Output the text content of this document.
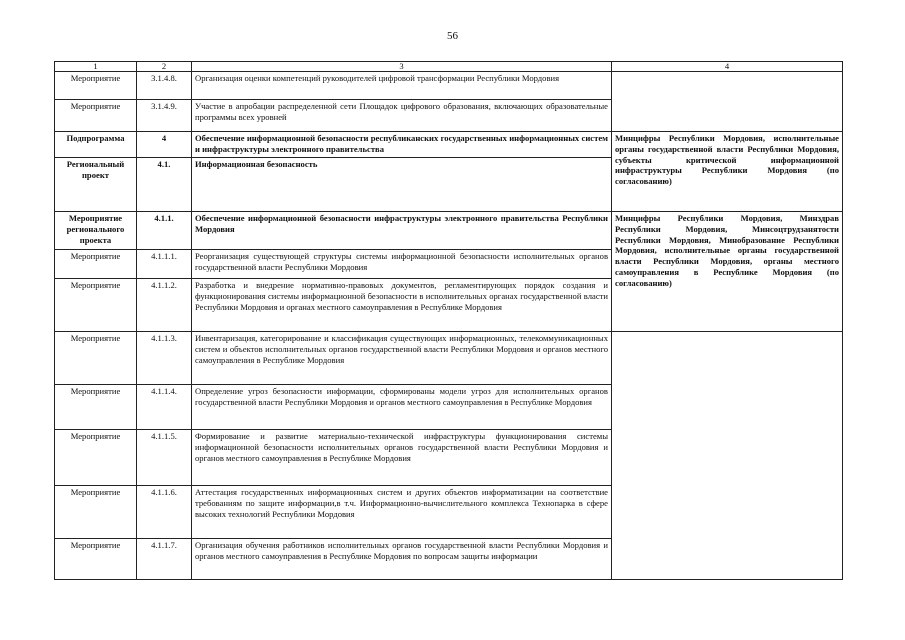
56
1	2	3	4
Мероприятие	3.1.4.8.	Организация оценки компетенций руководителей цифровой трансформации Республики Мордовия	
Мероприятие	3.1.4.9.	Участие в апробации распределенной сети Площадок цифрового образования, включающих образовательные программы всех уровней	
Подпрограмма	4	Обеспечение информационной безопасности республиканских государственных информационных систем и инфраструктуры электронного правительства	Минцифры Республики Мордовия, исполнительные органы государственной власти Республики Мордовия, субъекты критической информационной инфраструктуры Республики Мордовия (по согласованию)
Региональный проект	4.1.	Информационная безопасность	
Мероприятие регионального проекта	4.1.1.	Обеспечение информационной безопасности инфраструктуры электронного правительства Республики Мордовия	Минцифры Республики Мордовия, Минздрав Республики Мордовия, Минсоцтрудзанятости Республики Мордовия, Минобразование Республики Мордовия, исполнительные органы государственной власти Республики Мордовия, органы местного самоуправления в Республике Мордовия (по согласованию)
Мероприятие	4.1.1.1.	Реорганизация существующей структуры системы информационной безопасности исполнительных органов государственной власти Республики Мордовия	
Мероприятие	4.1.1.2.	Разработка и внедрение нормативно-правовых документов, регламентирующих порядок создания и функционирования системы информационной безопасности в исполнительных органах государственной власти Республики Мордовия и органах местного самоуправления в Республике Мордовия	
Мероприятие	4.1.1.3.	Инвентаризация, категорирование и классификация существующих информационных, телекоммуникационных систем и объектов исполнительных органов государственной власти Республики Мордовия и органов местного самоуправления в Республике Мордовия	
Мероприятие	4.1.1.4.	Определение угроз безопасности информации, сформированы модели угроз для исполнительных органов государственной власти Республики Мордовия и органов местного самоуправления в Республике Мордовия	
Мероприятие	4.1.1.5.	Формирование и развитие материально-технической инфраструктуры функционирования системы информационной безопасности исполнительных органов государственной власти Республики Мордовия и органов местного самоуправления в Республике Мордовия	
Мероприятие	4.1.1.6.	Аттестация государственных информационных систем и других объектов информатизации на соответствие требованиям по защите информации,в т.ч. Информационно-вычислительного комплекса Технопарка в сфере высоких технологий Республики Мордовия	
Мероприятие	4.1.1.7.	Организация обучения работников исполнительных органов государственной власти Республики Мордовия и органов местного самоуправления в Республике Мордовия по вопросам защиты информации	
